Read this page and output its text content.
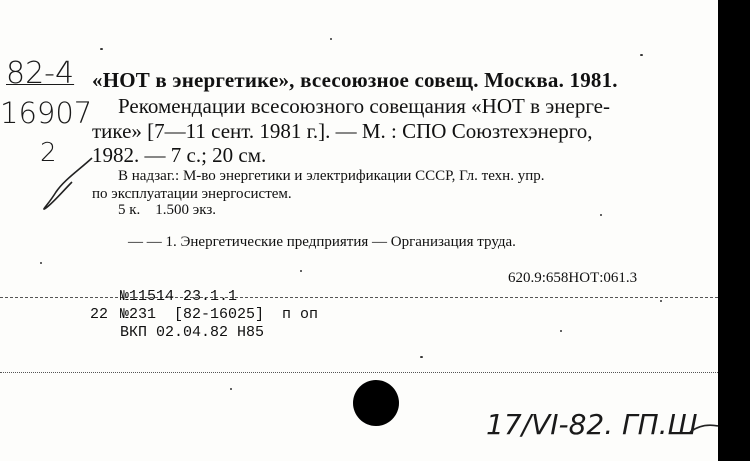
82-4
16907
2
«НОТ в энергетике», всесоюзное совещ. Москва. 1981.
Рекомендации всесоюзного совещания «НОТ в энерге-
тике» [7—11 сент. 1981 г.]. — М. : СПО Союзтехэнерго,
1982. — 7 с.; 20 см.
В надзаг.: М-во энергетики и электрификации СССР, Гл. техн. упр.
по эксплуатации энергосистем.
5 к.    1.500 экз.
— — 1. Энергетические предприятия — Организация труда.
620.9:658НОТ:061.3
№11514 23.1.1
22 №231  [82-16025]  п оп
ВКП 02.04.82 Н85
17/VI-82. ГП.Ш
